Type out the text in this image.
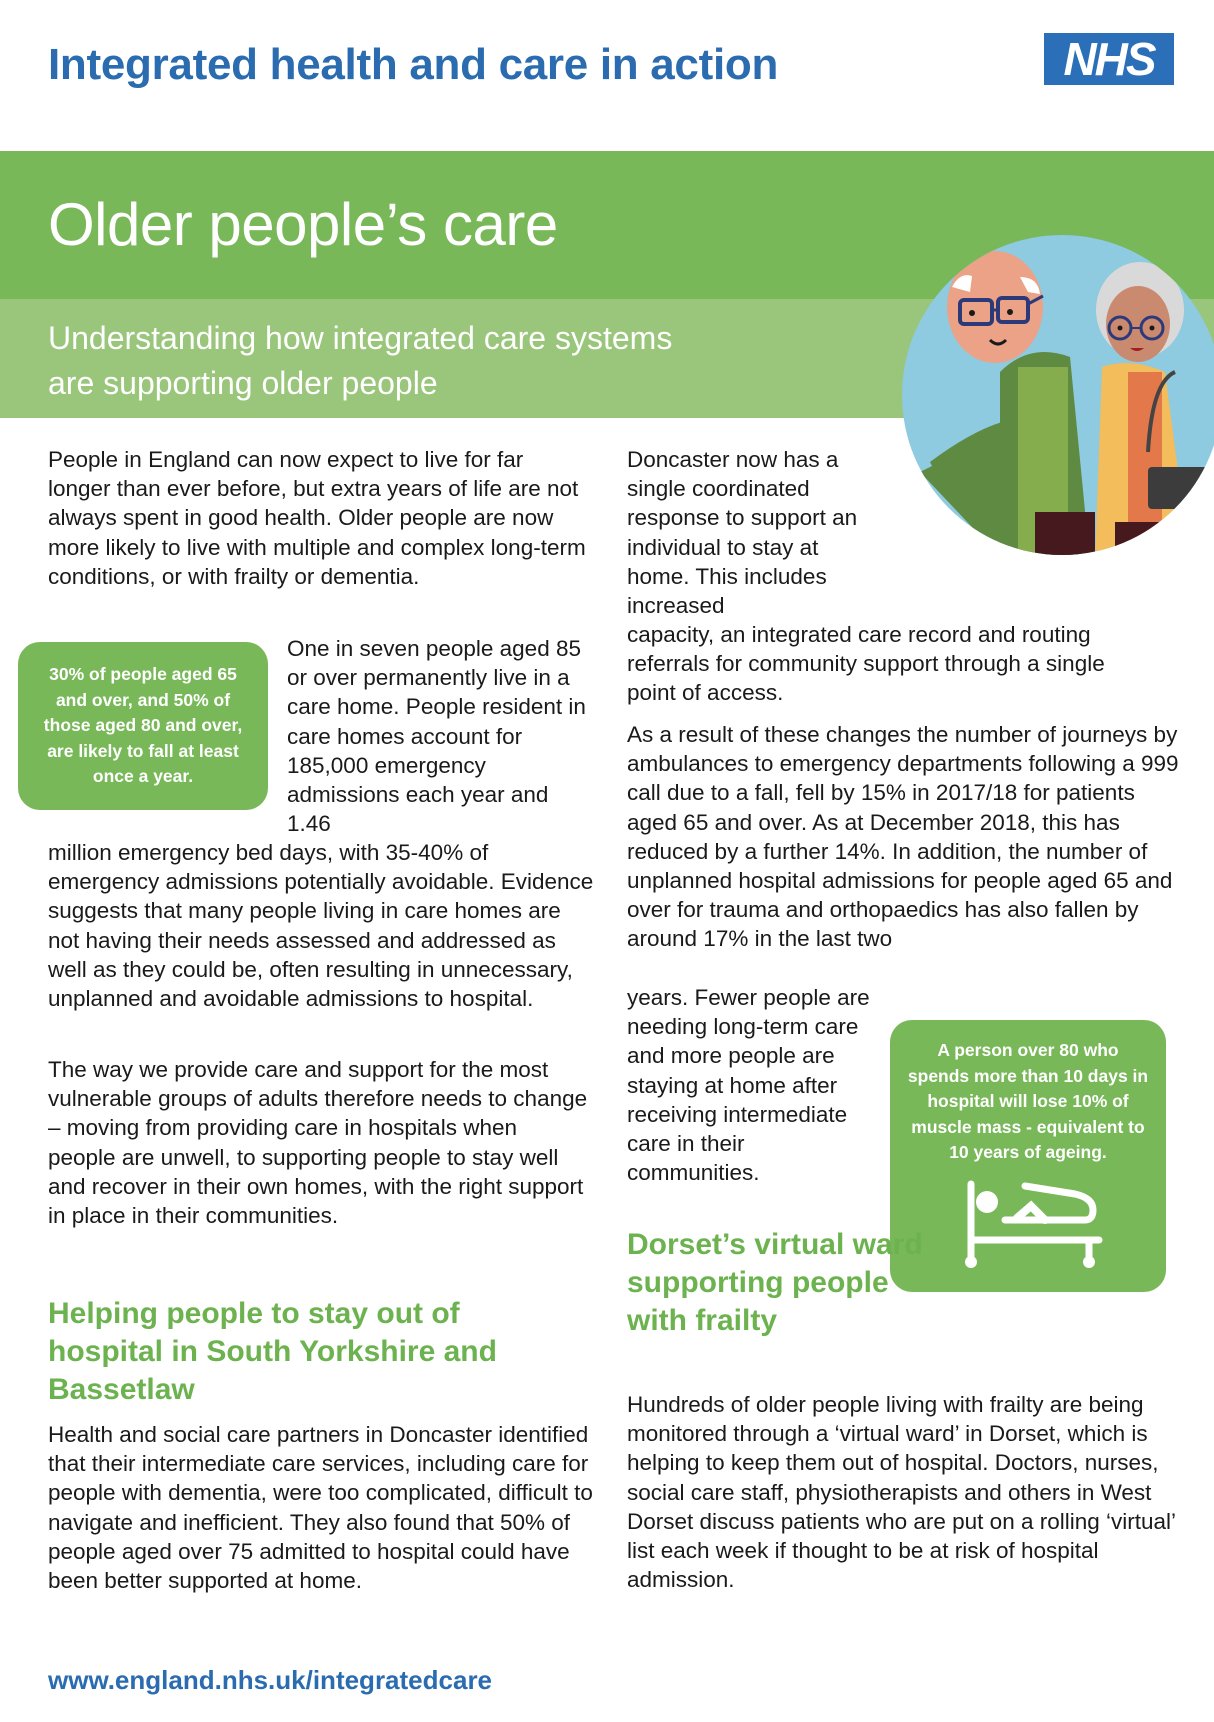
Integrated health and care in action	NHS
Older people’s care
Understanding how integrated care systems
are supporting older people
People in England can now expect to live for far longer than ever before, but extra years of life are not always spent in good health. Older people are now more likely to live with multiple and complex long-term conditions, or with frailty or dementia.
30% of people aged 65 and over, and 50% of those aged 80 and over, are likely to fall at least once a year.
One in seven people aged 85 or over permanently live in a care home. People resident in care homes account for 185,000 emergency admissions each year and 1.46
million emergency bed days, with 35-40% of emergency admissions potentially avoidable. Evidence suggests that many people living in care homes are not having their needs assessed and addressed as well as they could be, often resulting in unnecessary, unplanned and avoidable admissions to hospital.
The way we provide care and support for the most vulnerable groups of adults therefore needs to change – moving from providing care in hospitals when people are unwell, to supporting people to stay well and recover in their own homes, with the right support in place in their communities.
Helping people to stay out of hospital in South Yorkshire and Bassetlaw
Health and social care partners in Doncaster identified that their intermediate care services, including care for people with dementia, were too complicated, difficult to navigate and inefficient. They also found that 50% of people aged over 75 admitted to hospital could have been better supported at home.
Doncaster now has a single coordinated response to support an individual to stay at home. This includes increased
capacity, an integrated care record and routing referrals for community support through a single point of access.
As a result of these changes the number of journeys by ambulances to emergency departments following a 999 call due to a fall, fell by 15% in 2017/18 for patients aged 65 and over. As at December 2018, this has reduced by a further 14%. In addition, the number of unplanned hospital admissions for people aged 65 and over for trauma and orthopaedics has also fallen by around 17% in the last two
years. Fewer people are needing long-term care and more people are staying at home after receiving intermediate care in their communities.
A person over 80 who spends more than 10 days in hospital will lose 10% of muscle mass - equivalent to 10 years of ageing.
Dorset’s virtual ward supporting people with frailty
Hundreds of older people living with frailty are being monitored through a ‘virtual ward’ in Dorset, which is helping to keep them out of hospital. Doctors, nurses, social care staff, physiotherapists and others in West Dorset discuss patients who are put on a rolling ‘virtual’ list each week if thought to be at risk of hospital admission.
www.england.nhs.uk/integratedcare
